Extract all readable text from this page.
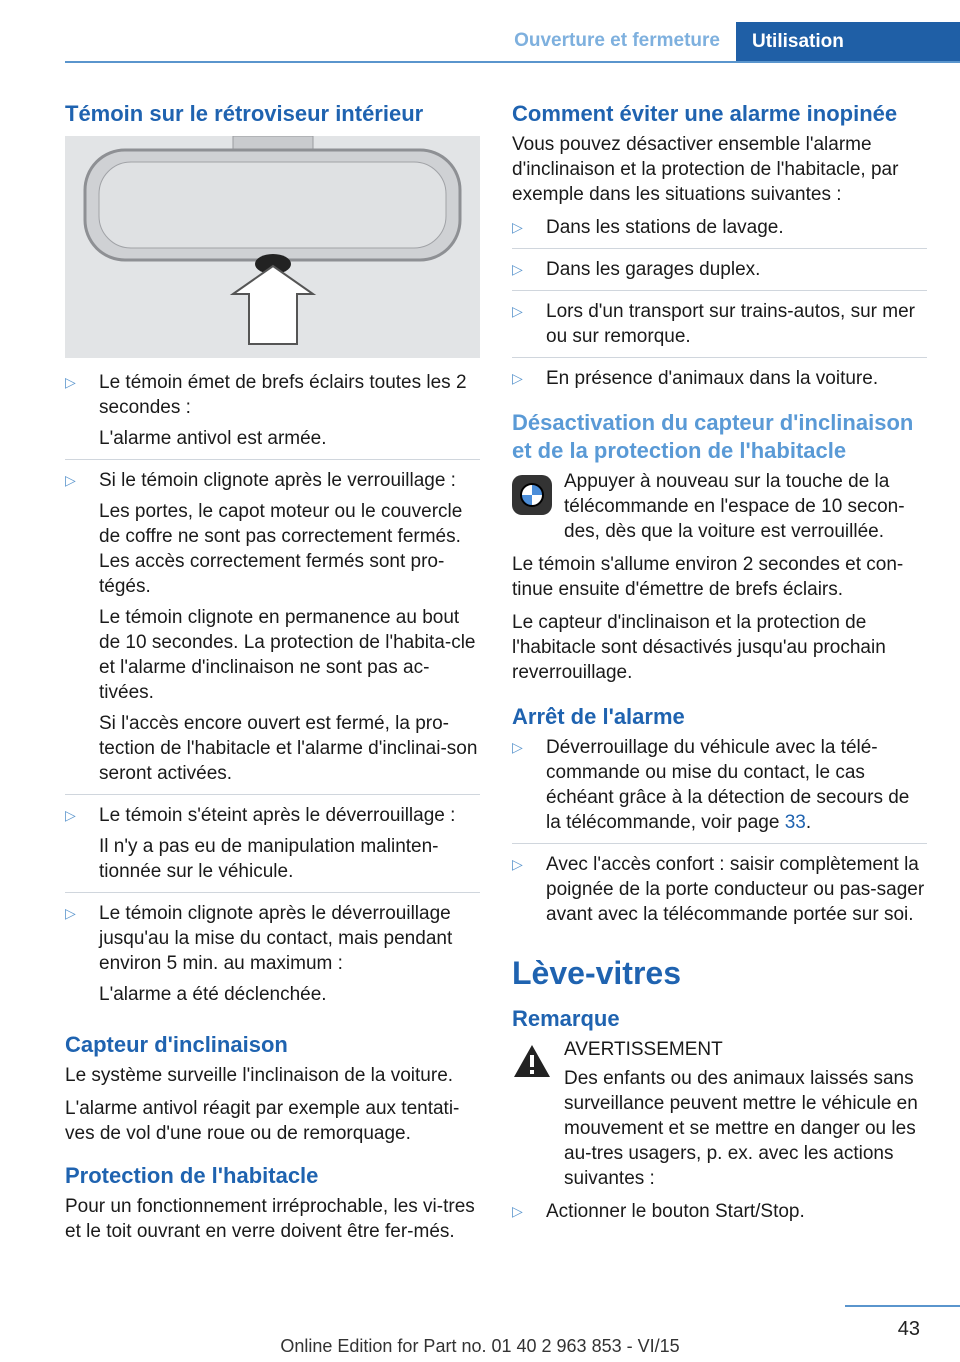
Ouverture et fermeture	Utilisation
Témoin sur le rétroviseur intérieur
▷ Le témoin émet de brefs éclairs toutes les 2 secondes :

L'alarme antivol est armée.

▷ Si le témoin clignote après le verrouillage :

Les portes, le capot moteur ou le couvercle de coffre ne sont pas correctement fermés. Les accès correctement fermés sont pro-tégés.

Le témoin clignote en permanence au bout de 10 secondes. La protection de l'habita-cle et l'alarme d'inclinaison ne sont pas ac-tivées.

Si l'accès encore ouvert est fermé, la pro-tection de l'habitacle et l'alarme d'inclinai-son seront activées.

▷ Le témoin s'éteint après le déverrouillage :

Il n'y a pas eu de manipulation malinten-tionnée sur le véhicule.

▷ Le témoin clignote après le déverrouillage jusqu'au la mise du contact, mais pendant environ 5 min. au maximum :

L'alarme a été déclenchée.

Capteur d'inclinaison

Le système surveille l'inclinaison de la voiture.

L'alarme antivol réagit par exemple aux tentati-ves de vol d'une roue ou de remorquage.

Protection de l'habitacle

Pour un fonctionnement irréprochable, les vi-tres et le toit ouvrant en verre doivent être fer-més.

Comment éviter une alarme inopinée

Vous pouvez désactiver ensemble l'alarme d'inclinaison et la protection de l'habitacle, par exemple dans les situations suivantes :

▷ Dans les stations de lavage.
▷ Dans les garages duplex.
▷ Lors d'un transport sur trains-autos, sur mer ou sur remorque.
▷ En présence d'animaux dans la voiture.
Désactivation du capteur d'inclinaison et de la protection de l'habitacle
Appuyer à nouveau sur la touche de la télécommande en l'espace de 10 secon-des, dès que la voiture est verrouillée.

Le témoin s'allume environ 2 secondes et con-tinue ensuite d'émettre de brefs éclairs.

Le capteur d'inclinaison et la protection de l'habitacle sont désactivés jusqu'au prochain reverrouillage.

Arrêt de l'alarme
▷ Déverrouillage du véhicule avec la télé-commande ou mise du contact, le cas échéant grâce à la détection de secours de la télécommande, voir page 33.
▷ Avec l'accès confort : saisir complètement la poignée de la porte conducteur ou pas-sager avant avec la télécommande portée sur soi.
Lève-vitres
Remarque
AVERTISSEMENT
Des enfants ou des animaux laissés sans surveillance peuvent mettre le véhicule en mouvement et se mettre en danger ou les au-tres usagers, p. ex. avec les actions suivantes :
▷ Actionner le bouton Start/Stop.
43
Online Edition for Part no. 01 40 2 963 853 - VI/15
